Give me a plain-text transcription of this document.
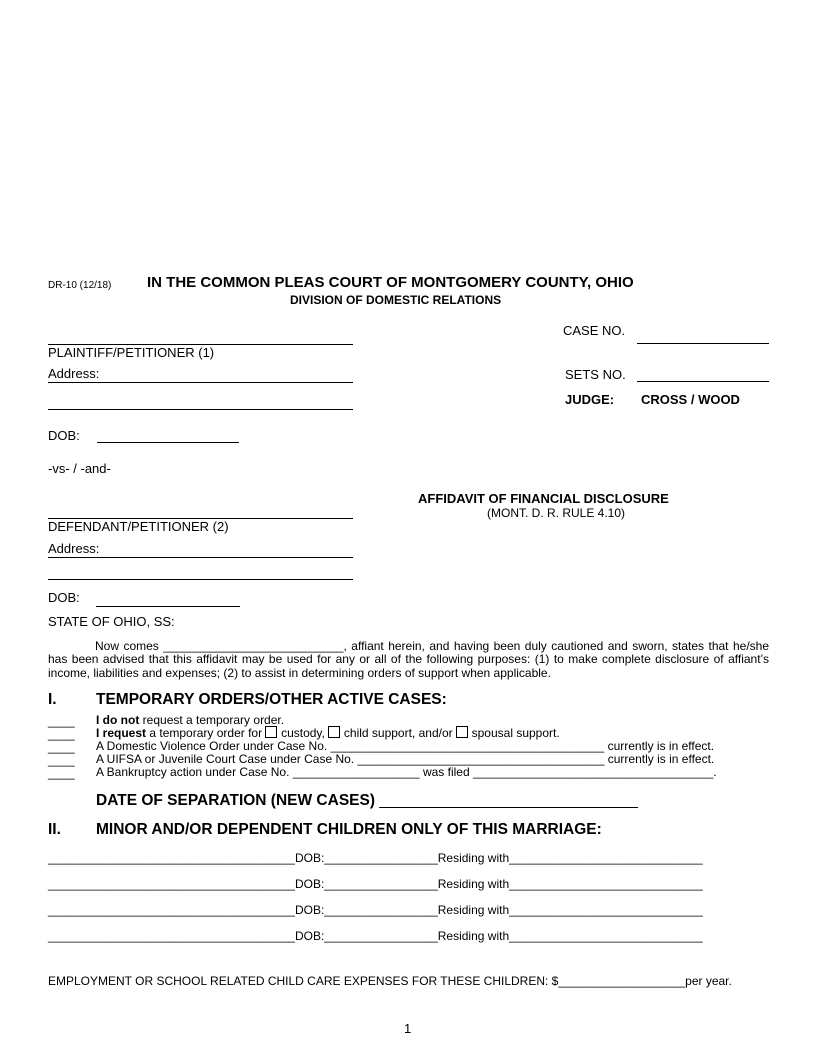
DR-10 (12/18) IN THE COMMON PLEAS COURT OF MONTGOMERY COUNTY, OHIO
DIVISION OF DOMESTIC RELATIONS
PLAINTIFF/PETITIONER (1)
Address:
DOB:
CASE NO.
SETS NO.
JUDGE: CROSS / WOOD
-vs- / -and-
AFFIDAVIT OF FINANCIAL DISCLOSURE
(MONT. D. R. RULE 4.10)
DEFENDANT/PETITIONER (2)
Address:
DOB:
STATE OF OHIO, SS:
Now comes ___________________________, affiant herein, and having been duly cautioned and sworn, states that he/she has been advised that this affidavit may be used for any or all of the following purposes: (1) to make complete disclosure of affiant’s income, liabilities and expenses; (2) to assist in determining orders of support when applicable.
I.	TEMPORARY ORDERS/OTHER ACTIVE CASES:
____ I do not request a temporary order.
____ I request a temporary order for custody, child support, and/or spousal support.
____ A Domestic Violence Order under Case No. _________________________________________ currently is in effect.
____ A UIFSA or Juvenile Court Case under Case No. _____________________________________ currently is in effect.
____ A Bankruptcy action under Case No. ___________________ was filed ____________________________________.
DATE OF SEPARATION (NEW CASES) ______________________________
II. MINOR AND/OR DEPENDENT CHILDREN ONLY OF THIS MARRIAGE:
_____________________________________DOB:_________________Residing with_____________________________
_____________________________________DOB:_________________Residing with_____________________________
_____________________________________DOB:_________________Residing with_____________________________
_____________________________________DOB:_________________Residing with_____________________________
EMPLOYMENT OR SCHOOL RELATED CHILD CARE EXPENSES FOR THESE CHILDREN: $___________________per year.
1
